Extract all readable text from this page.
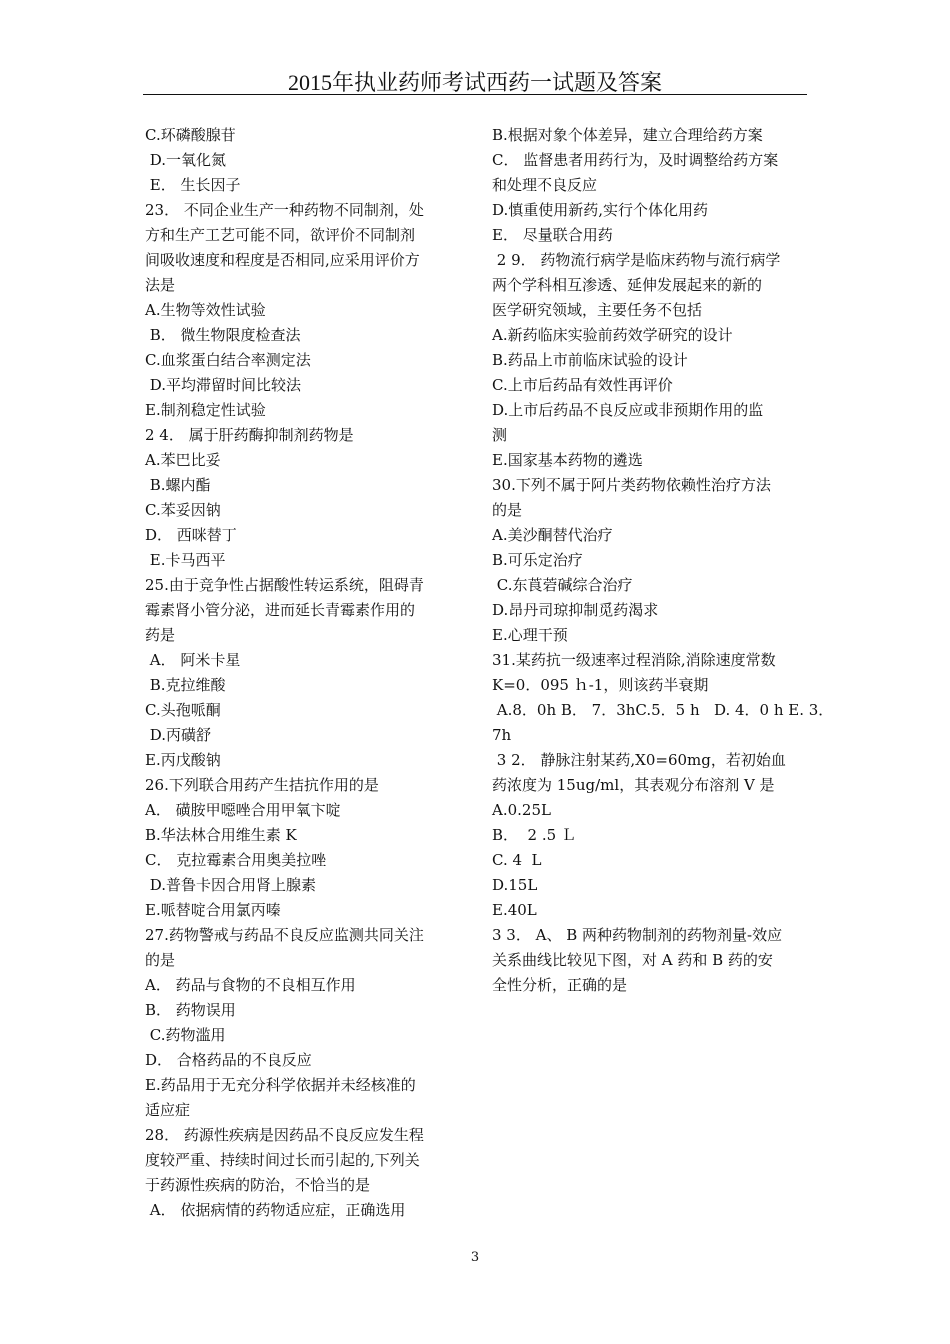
2015年执业药师考试西药一试题及答案
C.环磷酸腺苷
D.一氧化氮
E． 生长因子
23． 不同企业生产一种药物不同制剂，处
方和生产工艺可能不同，欲评价不同制剂
间吸收速度和程度是否相同,应采用评价方
法是
A.生物等效性试验
B． 微生物限度检查法
C.血浆蛋白结合率测定法
D.平均滞留时间比较法
E.制剂稳定性试验
2 4． 属于肝药酶抑制剂药物是
A.苯巴比妥
B.螺内酯
C.苯妥因钠
D． 西咪替丁
E.卡马西平
25.由于竞争性占据酸性转运系统，阻碍青
霉素肾小管分泌，进而延长青霉素作用的
药是
A． 阿米卡星
B.克拉维酸
C.头孢哌酮
D.丙磺舒
E.丙戊酸钠
26.下列联合用药产生拮抗作用的是
A． 磺胺甲噁唑合用甲氧卞啶
B.华法林合用维生素 K
C． 克拉霉素合用奥美拉唑
D.普鲁卡因合用肾上腺素
E.哌替啶合用氯丙嗪
27.药物警戒与药品不良反应监测共同关注
的是
A． 药品与食物的不良相互作用
B． 药物误用
C.药物滥用
D． 合格药品的不良反应
E.药品用于无充分科学依据并未经核准的
适应症
28． 药源性疾病是因药品不良反应发生程
度较严重、持续时间过长而引起的,下列关
于药源性疾病的防治，不恰当的是
A． 依据病情的药物适应症，正确选用
B.根据对象个体差异，建立合理给药方案
C． 监督患者用药行为，及时调整给药方案
和处理不良反应
D.慎重使用新药,实行个体化用药
E． 尽量联合用药
2 9． 药物流行病学是临床药物与流行病学
两个学科相互渗透、延伸发展起来的新的
医学研究领域，主要任务不包括
A.新药临床实验前药效学研究的设计
B.药品上市前临床试验的设计
C.上市后药品有效性再评价
D.上市后药品不良反应或非预期作用的监
测
E.国家基本药物的遴选
30.下列不属于阿片类药物依赖性治疗方法
的是
A.美沙酮替代治疗
B.可乐定治疗
C.东莨菪碱综合治疗
D.昂丹司琼抑制觅药渴求
E.心理干预
31.某药抗一级速率过程消除,消除速度常数
K=0．095 ｈ-1，则该药半衰期
A.8．0h B． 7．3hC.5．5 h   D. 4．0 h E. 3．
7h
3 2． 静脉注射某药,X0=60mg，若初始血
药浓度为 15ug/ml，其表观分布溶剂 V 是
A.0.25L
B．  2 .5 Ｌ
C. 4  L
D.15L
E.40L
3 3． A、 B 两种药物制剂的药物剂量-效应
关系曲线比较见下图，对 A 药和 B 药的安
全性分析，正确的是
3
